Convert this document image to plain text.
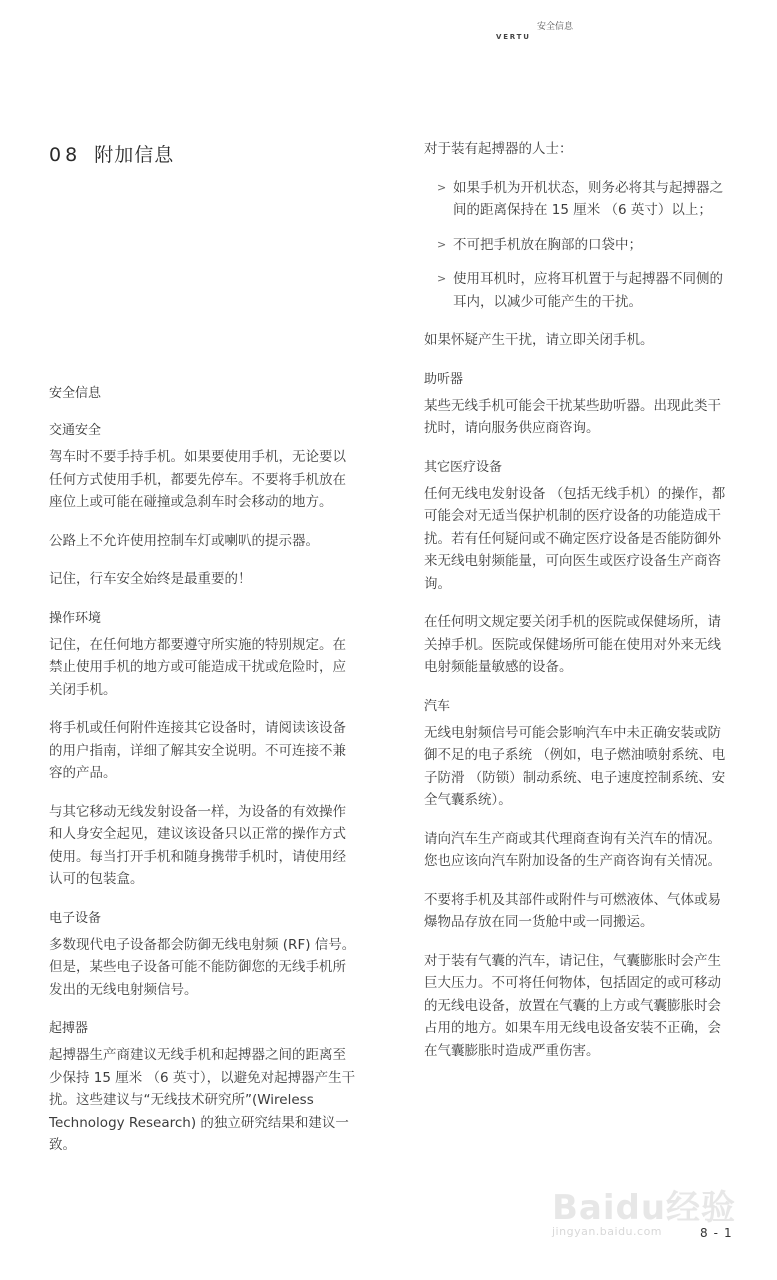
安全信息
VERTU
08 附加信息
安全信息
交通安全

驾车时不要手持手机。如果要使用手机，无论要以任何方式使用手机，都要先停车。不要将手机放在座位上或可能在碰撞或急刹车时会移动的地方。

公路上不允许使用控制车灯或喇叭的提示器。

记住，行车安全始终是最重要的！

操作环境

记住，在任何地方都要遵守所实施的特别规定。在禁止使用手机的地方或可能造成干扰或危险时，应关闭手机。

将手机或任何附件连接其它设备时，请阅读该设备的用户指南，详细了解其安全说明。不可连接不兼容的产品。

与其它移动无线发射设备一样，为设备的有效操作和人身安全起见，建议该设备只以正常的操作方式使用。每当打开手机和随身携带手机时，请使用经认可的包装盒。

电子设备

多数现代电子设备都会防御无线电射频 (RF) 信号。但是，某些电子设备可能不能防御您的无线手机所发出的无线电射频信号。

起搏器

起搏器生产商建议无线手机和起搏器之间的距离至少保持 15 厘米 （6 英寸），以避免对起搏器产生干扰。这些建议与“无线技术研究所”(Wireless Technology Research) 的独立研究结果和建议一致。

对于装有起搏器的人士：

> 如果手机为开机状态，则务必将其与起搏器之间的距离保持在 15 厘米 （6 英寸）以上；
> 不可把手机放在胸部的口袋中；
> 使用耳机时，应将耳机置于与起搏器不同侧的耳内，以减少可能产生的干扰。

如果怀疑产生干扰，请立即关闭手机。

助听器

某些无线手机可能会干扰某些助听器。出现此类干扰时，请向服务供应商咨询。

其它医疗设备

任何无线电发射设备 （包括无线手机）的操作，都可能会对无适当保护机制的医疗设备的功能造成干扰。若有任何疑问或不确定医疗设备是否能防御外来无线电射频能量，可向医生或医疗设备生产商咨询。

在任何明文规定要关闭手机的医院或保健场所，请关掉手机。医院或保健场所可能在使用对外来无线电射频能量敏感的设备。

汽车

无线电射频信号可能会影响汽车中未正确安装或防御不足的电子系统 （例如，电子燃油喷射系统、电子防滑 （防锁）制动系统、电子速度控制系统、安全气囊系统）。

请向汽车生产商或其代理商查询有关汽车的情况。您也应该向汽车附加设备的生产商咨询有关情况。

不要将手机及其部件或附件与可燃液体、气体或易爆物品存放在同一货舱中或一同搬运。

对于装有气囊的汽车，请记住，气囊膨胀时会产生巨大压力。不可将任何物体，包括固定的或可移动的无线电设备，放置在气囊的上方或气囊膨胀时会占用的地方。如果车用无线电设备安装不正确，会在气囊膨胀时造成严重伤害。

Baidu经验
jingyan.baidu.com	8-1
